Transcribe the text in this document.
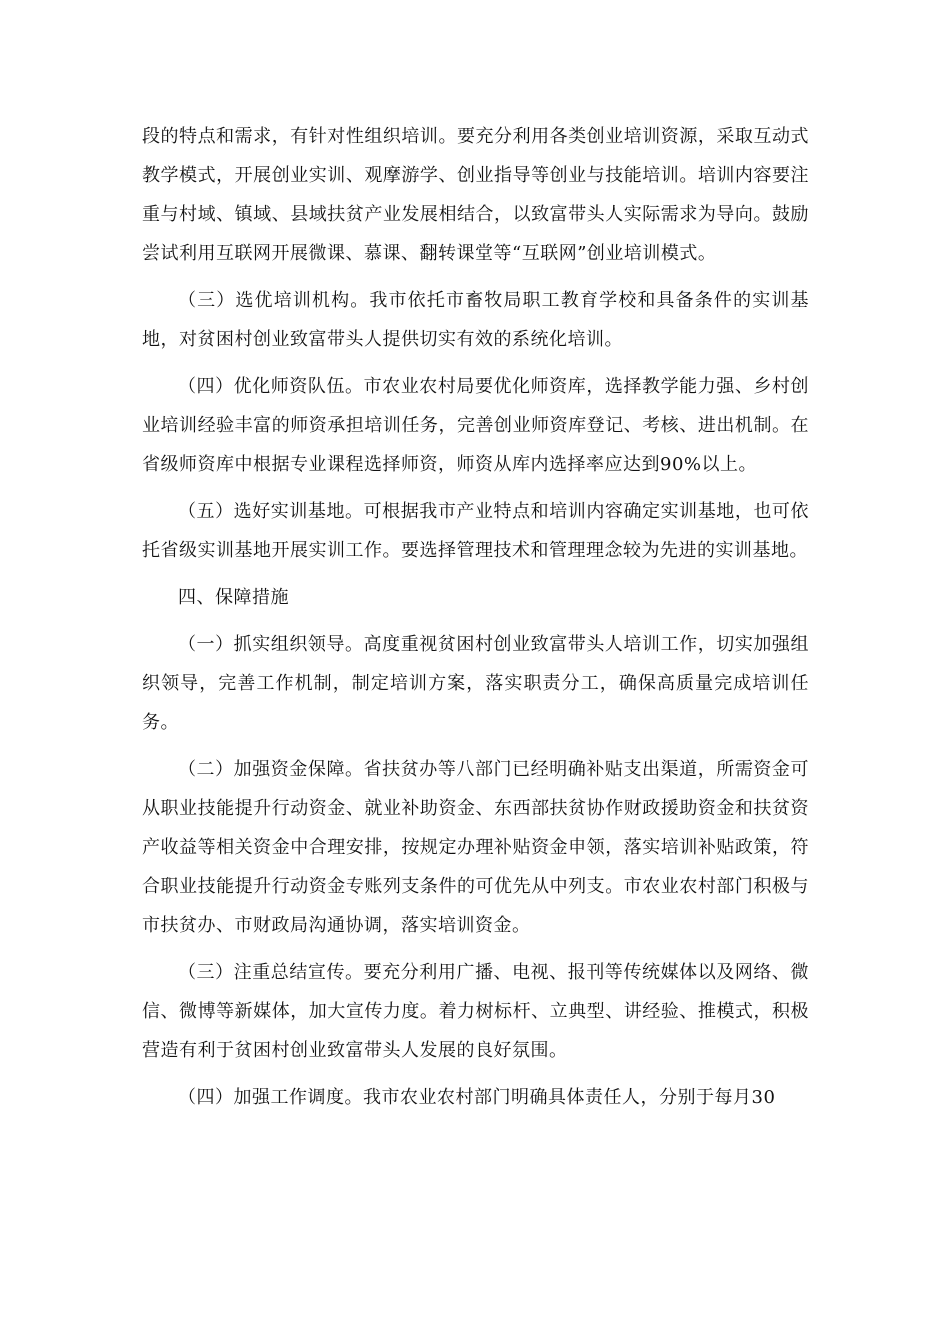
段的特点和需求，有针对性组织培训。要充分利用各类创业培训资源，采取互动式教学模式，开展创业实训、观摩游学、创业指导等创业与技能培训。培训内容要注重与村域、镇域、县域扶贫产业发展相结合，以致富带头人实际需求为导向。鼓励尝试利用互联网开展微课、慕课、翻转课堂等“互联网”创业培训模式。

（三）选优培训机构。我市依托市畜牧局职工教育学校和具备条件的实训基地，对贫困村创业致富带头人提供切实有效的系统化培训。

（四）优化师资队伍。市农业农村局要优化师资库，选择教学能力强、乡村创业培训经验丰富的师资承担培训任务，完善创业师资库登记、考核、进出机制。在省级师资库中根据专业课程选择师资，师资从库内选择率应达到90%以上。

（五）选好实训基地。可根据我市产业特点和培训内容确定实训基地，也可依托省级实训基地开展实训工作。要选择管理技术和管理理念较为先进的实训基地。

四、保障措施

（一）抓实组织领导。高度重视贫困村创业致富带头人培训工作，切实加强组织领导，完善工作机制，制定培训方案，落实职责分工，确保高质量完成培训任务。

（二）加强资金保障。省扶贫办等八部门已经明确补贴支出渠道，所需资金可从职业技能提升行动资金、就业补助资金、东西部扶贫协作财政援助资金和扶贫资产收益等相关资金中合理安排，按规定办理补贴资金申领，落实培训补贴政策，符合职业技能提升行动资金专账列支条件的可优先从中列支。市农业农村部门积极与市扶贫办、市财政局沟通协调，落实培训资金。

（三）注重总结宣传。要充分利用广播、电视、报刊等传统媒体以及网络、微信、微博等新媒体，加大宣传力度。着力树标杆、立典型、讲经验、推模式，积极营造有利于贫困村创业致富带头人发展的良好氛围。

（四）加强工作调度。我市农业农村部门明确具体责任人，分别于每月30
